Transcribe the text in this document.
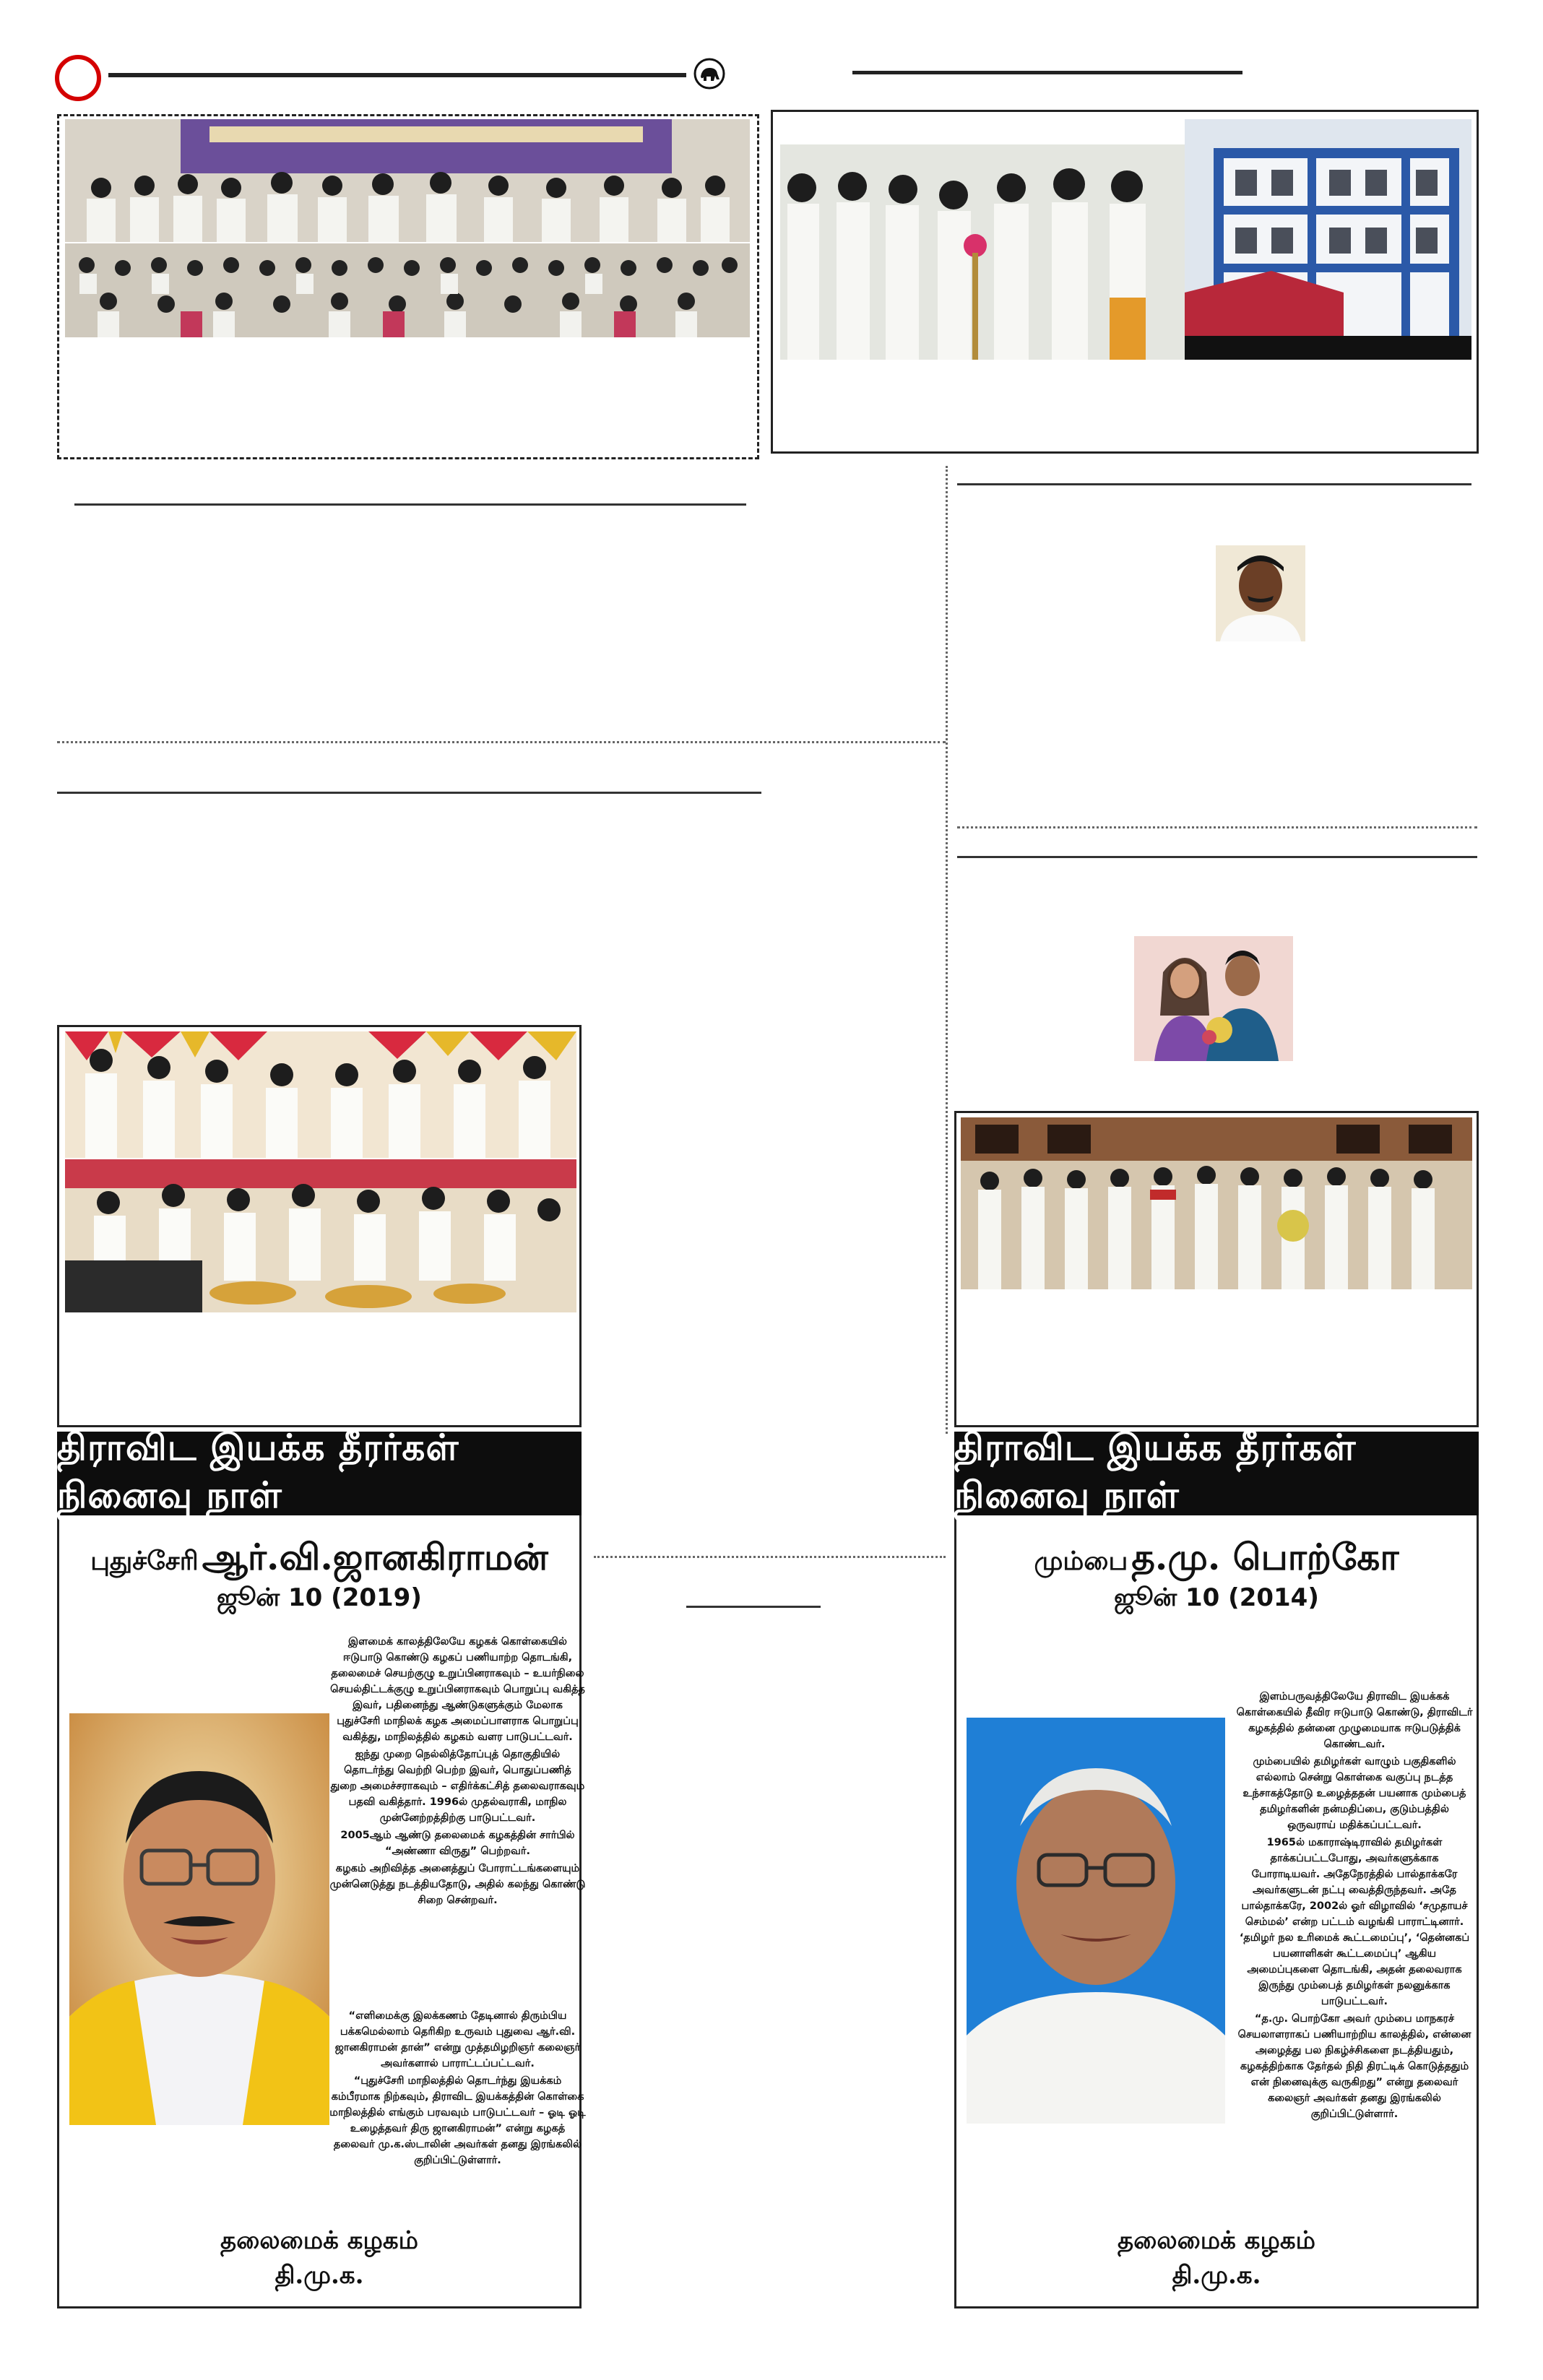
திராவிட இயக்க தீரர்கள் நினைவு நாள்
புதுச்சேரி ஆர்.வி.ஜானகிராமன்
ஜூன் 10 (2019)

இளமைக் காலத்திலேயே கழகக் கொள்கையில் ஈடுபாடு கொண்டு கழகப் பணியாற்ற தொடங்கி, தலைமைச் செயற்குழு உறுப்பினராகவும் – உயர்நிலை செயல்திட்டக்குழு உறுப்பினராகவும் பொறுப்பு வகித்த இவர், பதினைந்து ஆண்டுகளுக்கும் மேலாக புதுச்சேரி மாநிலக் கழக அமைப்பாளராக பொறுப்பு வகித்து, மாநிலத்தில் கழகம் வளர பாடுபட்டவர்.

ஐந்து முறை நெல்லித்தோப்புத் தொகுதியில் தொடர்ந்து வெற்றி பெற்ற இவர், பொதுப்பணித் துறை அமைச்சராகவும் – எதிர்க்கட்சித் தலைவராகவும் பதவி வகித்தார். 1996ல் முதல்வராகி, மாநில முன்னேற்றத்திற்கு பாடுபட்டவர்.

2005ஆம் ஆண்டு தலைமைக் கழகத்தின் சார்பில் “அண்ணா விருது” பெற்றவர்.

கழகம் அறிவித்த அனைத்துப் போராட்டங்களையும் முன்னெடுத்து நடத்தியதோடு, அதில் கலந்து கொண்டு சிறை சென்றவர்.

“எளிமைக்கு இலக்கணம் தேடினால் திரும்பிய பக்கமெல்லாம் தெரிகிற உருவம் புதுவை ஆர்.வி. ஜானகிராமன் தான்” என்று முத்தமிழறிஞர் கலைஞர் அவர்களால் பாராட்டப்பட்டவர்.

“புதுச்சேரி மாநிலத்தில் தொடர்ந்து இயக்கம் கம்பீரமாக நிற்கவும், திராவிட இயக்கத்தின் கொள்கை மாநிலத்தில் எங்கும் பரவவும் பாடுபட்டவர் – ஓடி ஓடி உழைத்தவர் திரு ஜானகிராமன்” என்று கழகத் தலைவர் மு.க.ஸ்டாலின் அவர்கள் தனது இரங்கலில் குறிப்பிட்டுள்ளார்.

தலைமைக் கழகம்
தி.மு.க.
திராவிட இயக்க தீரர்கள் நினைவு நாள்
மும்பை த.மு. பொற்கோ
ஜூன் 10 (2014)

இளம்பருவத்திலேயே திராவிட இயக்கக் கொள்கையில் தீவிர ஈடுபாடு கொண்டு, திராவிடர் கழகத்தில் தன்னை முழுமையாக ஈடுபடுத்திக் கொண்டவர்.

மும்பையில் தமிழர்கள் வாழும் பகுதிகளில் எல்லாம் சென்று கொள்கை வகுப்பு நடத்த உந்சாகத்தோடு உழைத்ததன் பயனாக மும்பைத் தமிழர்களின் நன்மதிப்பை, குடும்பத்தில் ஒருவராய் மதிக்கப்பட்டவர்.

1965ல் மகாராஷ்டிராவில் தமிழர்கள் தாக்கப்பட்டபோது, அவர்களுக்காக போராடியவர். அதேநேரத்தில் பால்தாக்கரே அவர்களுடன் நட்பு வைத்திருந்தவர். அதே பால்தாக்கரே, 2002ல் ஓர் விழாவில் ‘சமுதாயச் செம்மல்’ என்ற பட்டம் வழங்கி பாராட்டினார். ‘தமிழர் நல உரிமைக் கூட்டமைப்பு’, ‘தென்னகப் பயனாளிகள் கூட்டமைப்பு’ ஆகிய அமைப்புகளை தொடங்கி, அதன் தலைவராக இருந்து மும்பைத் தமிழர்கள் நலனுக்காக பாடுபட்டவர்.

“த.மு. பொற்கோ அவர் மும்பை மாநகரச் செயலாளராகப் பணியாற்றிய காலத்தில், என்னை அழைத்து பல நிகழ்ச்சிகளை நடத்தியதும், கழகத்திற்காக தேர்தல் நிதி திரட்டிக் கொடுத்ததும் என் நினைவுக்கு வருகிறது” என்று தலைவர் கலைஞர் அவர்கள் தனது இரங்கலில் குறிப்பிட்டுள்ளார்.

தலைமைக் கழகம்
தி.மு.க.
